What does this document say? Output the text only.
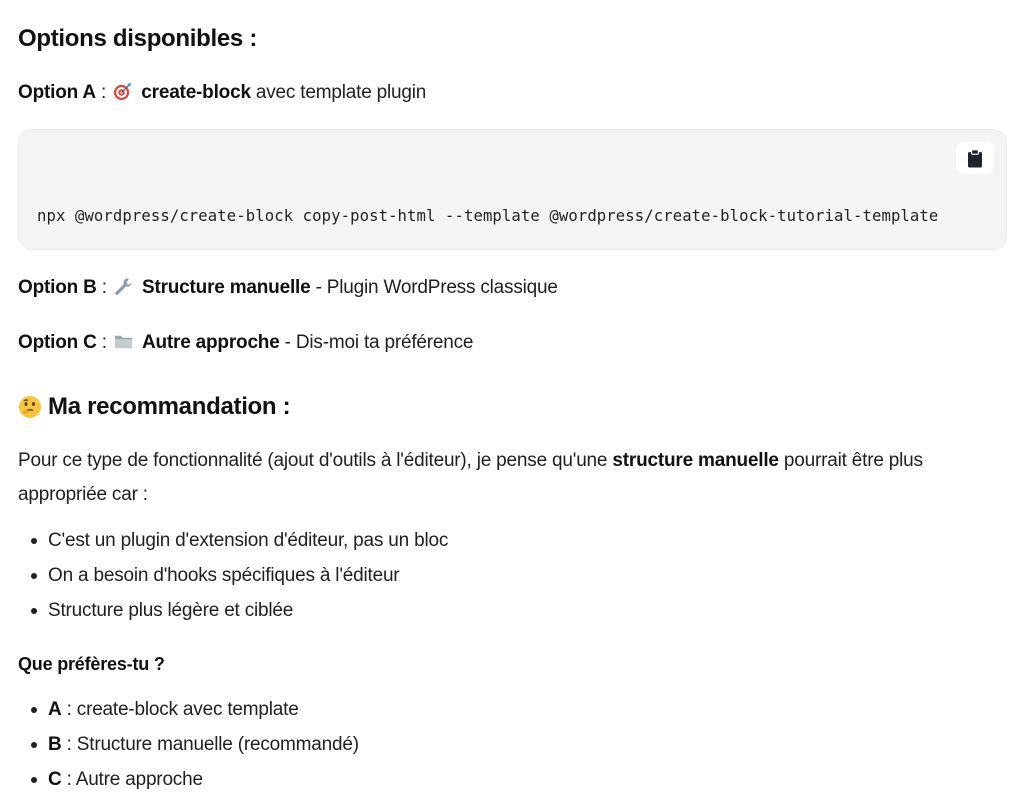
Options disponibles :

Option A : create-block avec template plugin

npx @wordpress/create-block copy-post-html --template @wordpress/create-block-tutorial-template

Option B : Structure manuelle - Plugin WordPress classique

Option C : Autre approche - Dis-moi ta préférence

Ma recommandation :

Pour ce type de fonctionnalité (ajout d'outils à l'éditeur), je pense qu'une structure manuelle pourrait être plus appropriée car :

C'est un plugin d'extension d'éditeur, pas un bloc
On a besoin d'hooks spécifiques à l'éditeur
Structure plus légère et ciblée

Que préfères-tu ?

A : create-block avec template
B : Structure manuelle (recommandé)
C : Autre approche
